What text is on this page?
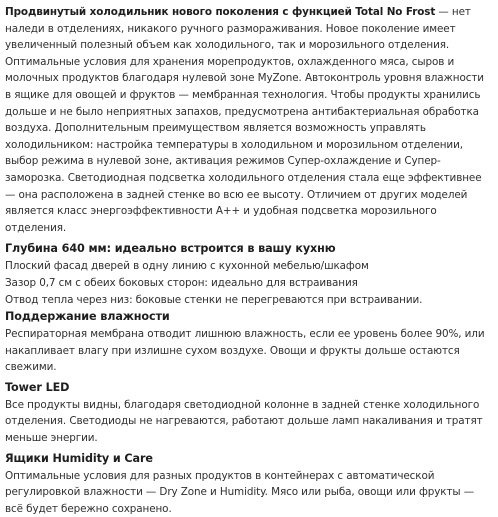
Продвинутый холодильник нового поколения с функцией Total No Frost — нет наледи в отделениях, никакого ручного размораживания. Новое поколение имеет увеличенный полезный объем как холодильного, так и морозильного отделения. Оптимальные условия для хранения морепродуктов, охлажденного мяса, сыров и молочных продуктов благодаря нулевой зоне MyZone. Автоконтроль уровня влажности в ящике для овощей и фруктов — мембранная технология. Чтобы продукты хранились дольше и не было неприятных запахов, предусмотрена антибактериальная обработка воздуха. Дополнительным преимуществом является возможность управлять холодильником: настройка температуры в холодильном и морозильном отделении, выбор режима в нулевой зоне, активация режимов Супер-охлаждение и Супер-заморозка. Светодиодная подсветка холодильного отделения стала еще эффективнее — она расположена в задней стенке во всю ее высоту. Отличием от других моделей является класс энергоэффективности А++ и удобная подсветка морозильного отделения.

Глубина 640 мм: идеально встроится в вашу кухню
Плоский фасад дверей в одну линию с кухонной мебелью/шкафом
Зазор 0,7 см с обеих боковых сторон: идеально для встраивания
Отвод тепла через низ: боковые стенки не перегреваются при встраивании.
Поддержание влажности

Респираторная мембрана отводит лишнюю влажность, если ее уровень более 90%, или накапливает влагу при излишне сухом воздухе. Овощи и фрукты дольше остаются свежими.

Tower LED

Все продукты видны, благодаря светодиодной колонне в задней стенке холодильного отделения. Светодиоды не нагреваются, работают дольше ламп накаливания и тратят меньше энергии.

Ящики Humidity и Care

Оптимальные условия для разных продуктов в контейнерах с автоматической регулировкой влажности — Dry Zone и Humidity. Мясо или рыба, овощи или фрукты — всё будет бережно сохранено.
